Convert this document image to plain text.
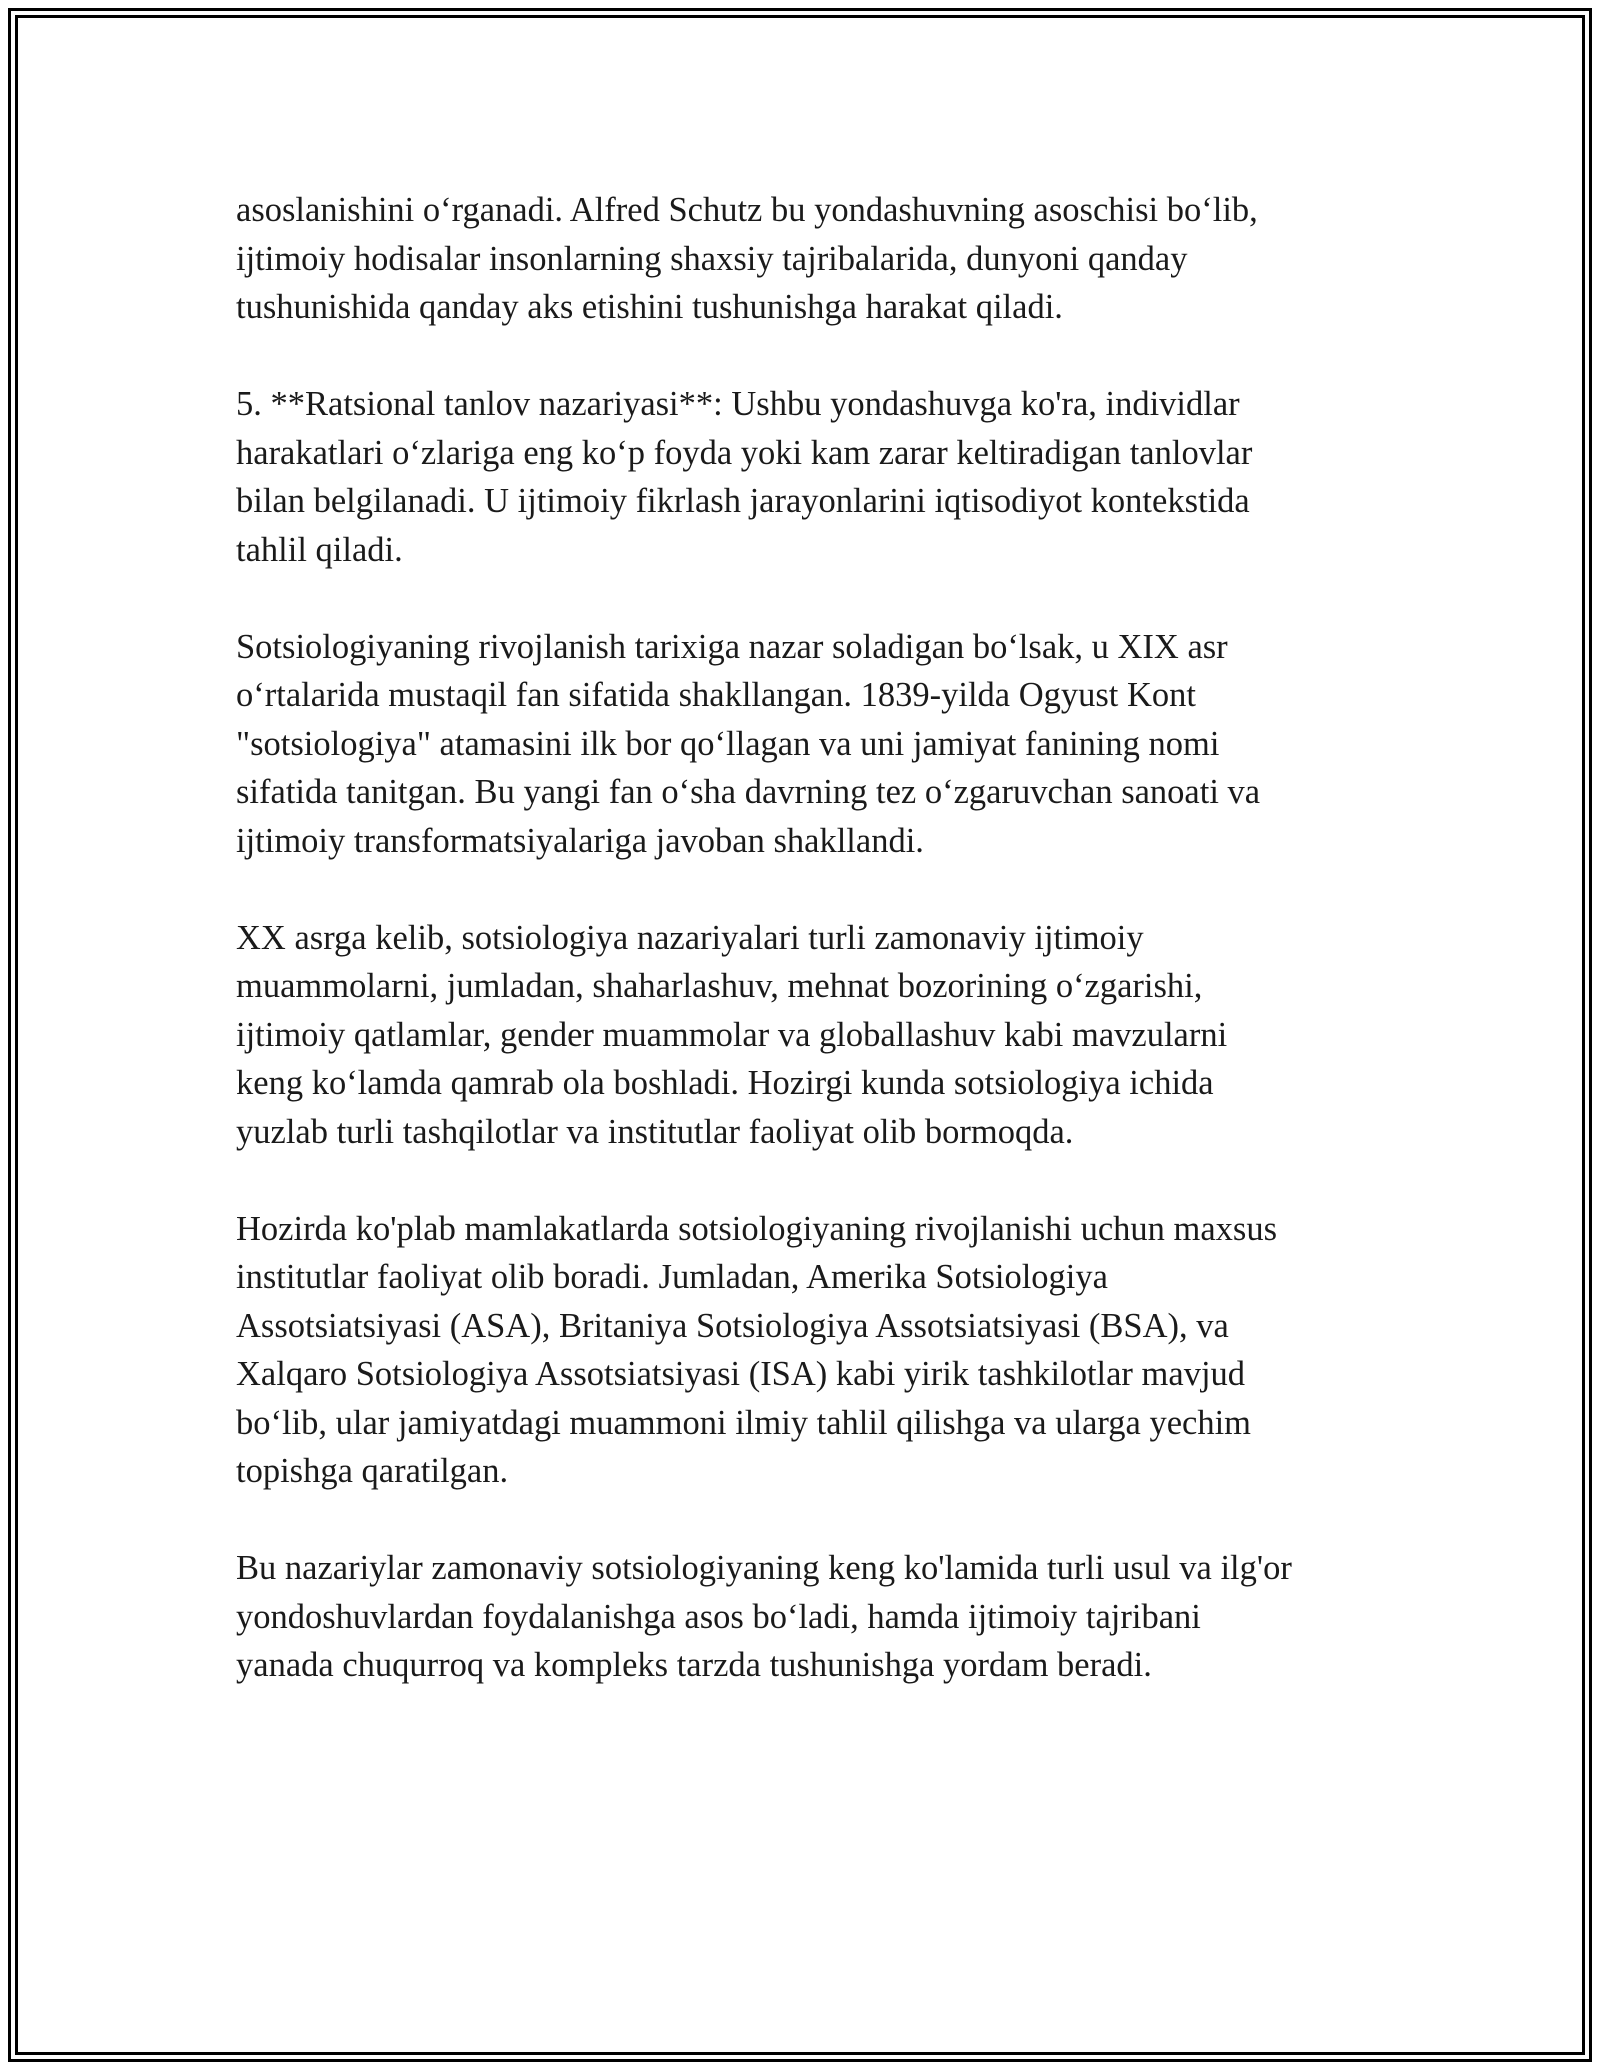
asoslanishini oʻrganadi. Alfred Schutz bu yondashuvning asoschisi boʻlib,
ijtimoiy hodisalar insonlarning shaxsiy tajribalarida, dunyoni qanday
tushunishida qanday aks etishini tushunishga harakat qiladi.

5. **Ratsional tanlov nazariyasi**: Ushbu yondashuvga ko'ra, individlar
harakatlari oʻzlariga eng koʻp foyda yoki kam zarar keltiradigan tanlovlar
bilan belgilanadi. U ijtimoiy fikrlash jarayonlarini iqtisodiyot kontekstida
tahlil qiladi.

Sotsiologiyaning rivojlanish tarixiga nazar soladigan boʻlsak, u XIX asr
oʻrtalarida mustaqil fan sifatida shakllangan. 1839-yilda Ogyust Kont
"sotsiologiya" atamasini ilk bor qoʻllagan va uni jamiyat fanining nomi
sifatida tanitgan. Bu yangi fan oʻsha davrning tez oʻzgaruvchan sanoati va
ijtimoiy transformatsiyalariga javoban shakllandi.

XX asrga kelib, sotsiologiya nazariyalari turli zamonaviy ijtimoiy
muammolarni, jumladan, shaharlashuv, mehnat bozorining oʻzgarishi,
ijtimoiy qatlamlar, gender muammolar va globallashuv kabi mavzularni
keng koʻlamda qamrab ola boshladi. Hozirgi kunda sotsiologiya ichida
yuzlab turli tashqilotlar va institutlar faoliyat olib bormoqda.

Hozirda ko'plab mamlakatlarda sotsiologiyaning rivojlanishi uchun maxsus
institutlar faoliyat olib boradi. Jumladan, Amerika Sotsiologiya
Assotsiatsiyasi (ASA), Britaniya Sotsiologiya Assotsiatsiyasi (BSA), va
Xalqaro Sotsiologiya Assotsiatsiyasi (ISA) kabi yirik tashkilotlar mavjud
boʻlib, ular jamiyatdagi muammoni ilmiy tahlil qilishga va ularga yechim
topishga qaratilgan.

Bu nazariylar zamonaviy sotsiologiyaning keng ko'lamida turli usul va ilg'or
yondoshuvlardan foydalanishga asos boʻladi, hamda ijtimoiy tajribani
yanada chuqurroq va kompleks tarzda tushunishga yordam beradi.
